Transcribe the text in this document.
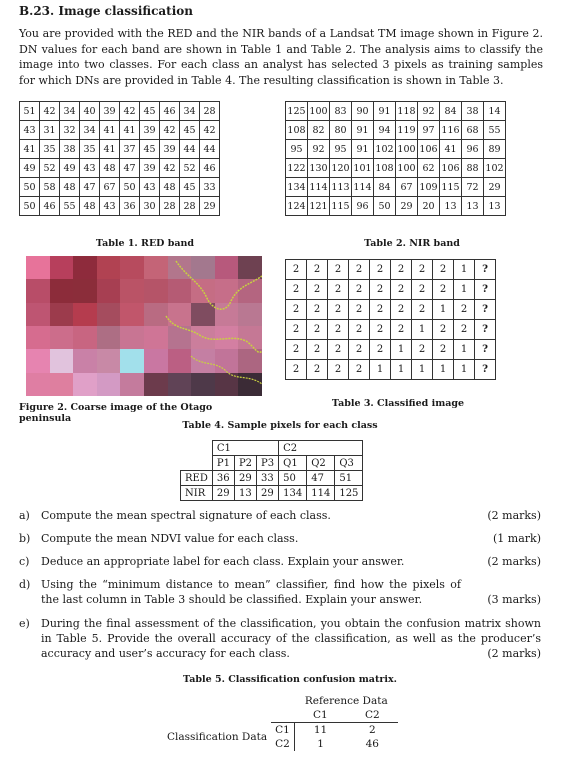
B.23. Image classification
You are provided with the RED and the NIR bands of a Landsat TM image shown in Figure 2. DN values for each band are shown in Table 1 and Table 2. The analysis aims to classify the image into two classes. For each class an analyst has selected 3 pixels as training samples for which DNs are provided in Table 4. The resulting classification is shown in Table 3.
51	42	34	40	39	42	45	46	34	28
43	31	32	34	41	41	39	42	45	42
41	35	38	35	41	37	45	39	44	44
49	52	49	43	48	47	39	42	52	46
50	58	48	47	67	50	43	48	45	33
50	46	55	48	43	36	30	28	28	29
Table 1. RED band
125	100	83	90	91	118	92	84	38	14
108	82	80	91	94	119	97	116	68	55
95	92	95	91	102	100	106	41	96	89
122	130	120	101	108	100	62	106	88	102
134	114	113	114	84	67	109	115	72	29
124	121	115	96	50	29	20	13	13	13
Table 2. NIR band
Figure 2. Coarse image of the Otago peninsula
2	2	2	2	2	2	2	2	1	?
2	2	2	2	2	2	2	2	1	?
2	2	2	2	2	2	2	1	2	?
2	2	2	2	2	2	1	2	2	?
2	2	2	2	2	1	2	2	1	?
2	2	2	2	1	1	1	1	1	?
Table 3. Classified image
Table 4. Sample pixels for each class
	C1			C2		
	P1	P2	P3	Q1	Q2	Q3
RED	36	29	33	50	47	51
NIR	29	13	29	134	114	125
a) Compute the mean spectral signature of each class.	(2 marks)
b) Compute the mean NDVI value for each class.	(1 mark)
c) Deduce an appropriate label for each class. Explain your answer.	(2 marks)
d) Using the “minimum distance to mean” classifier, find how the pixels of the last column in Table 3 should be classified. Explain your answer.	(3 marks)
e) During the final assessment of the classification, you obtain the confusion matrix shown in Table 5. Provide the overall accuracy of the classification, as well as the producer’s accuracy and user’s accuracy for each class.	(2 marks)
Table 5. Classification confusion matrix.
		Reference Data	
		C1	C2
Classification Data	C1	11	2
	C2	1	46
